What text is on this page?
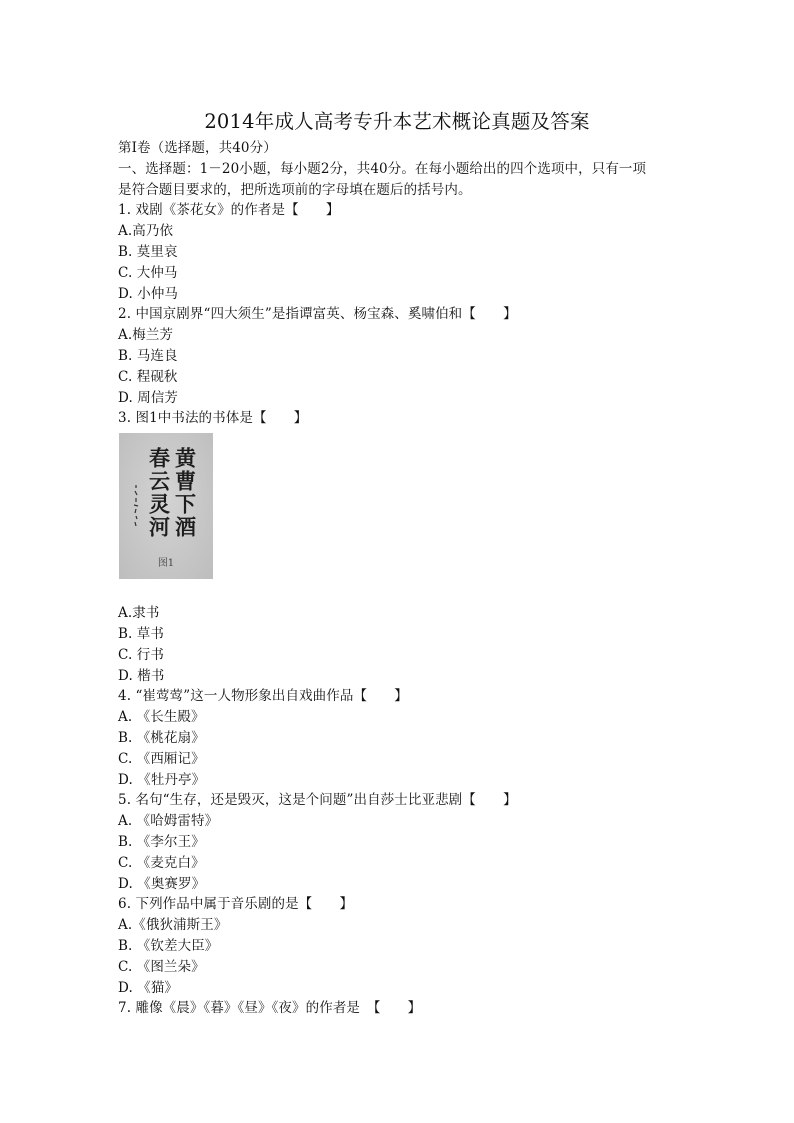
2014年成人高考专升本艺术概论真题及答案
第Ⅰ卷（选择题，共40分）
一、选择题：1－20小题，每小题2分，共40分。在每小题给出的四个选项中，只有一项
是符合题目要求的，把所选项前的字母填在题后的括号内。
1. 戏剧《茶花女》的作者是【　　】
A.高乃依
B. 莫里哀
C. 大仲马
D. 小仲马
2. 中国京剧界“四大须生”是指谭富英、杨宝森、奚啸伯和【　　】
A.梅兰芳
B. 马连良
C. 程砚秋
D. 周信芳
3. 图1中书法的书体是【　　】
黄曹下酒
春云灵河
图1
A.隶书
B. 草书
C. 行书
D. 楷书
4. “崔莺莺”这一人物形象出自戏曲作品【　　】
A. 《长生殿》
B. 《桃花扇》
C. 《西厢记》
D. 《牡丹亭》
5. 名句“生存，还是毁灭，这是个问题”出自莎士比亚悲剧【　　】
A. 《哈姆雷特》
B. 《李尔王》
C. 《麦克白》
D. 《奥赛罗》
6. 下列作品中属于音乐剧的是【　　】
A.《俄狄浦斯王》
B. 《钦差大臣》
C. 《图兰朵》
D. 《猫》
7. 雕像《晨》《暮》《昼》《夜》的作者是　【　　】
